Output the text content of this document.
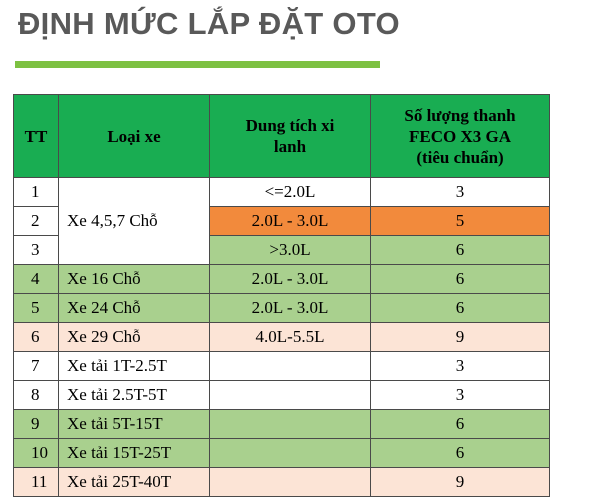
ĐỊNH MỨC LẮP ĐẶT OTO
TT	Loại xe	Dung tích xi lanh	Số lượng thanh FECO X3 GA (tiêu chuẩn)
1	Xe 4,5,7 Chỗ	<=2.0L	3
2		2.0L - 3.0L	5
3		>3.0L	6
4	Xe 16 Chỗ	2.0L - 3.0L	6
5	Xe 24 Chỗ	2.0L - 3.0L	6
6	Xe 29 Chỗ	4.0L-5.5L	9
7	Xe tải 1T-2.5T		3
8	Xe tải 2.5T-5T		3
9	Xe tải 5T-15T		6
10	Xe tải 15T-25T		6
11	Xe tải 25T-40T		9
